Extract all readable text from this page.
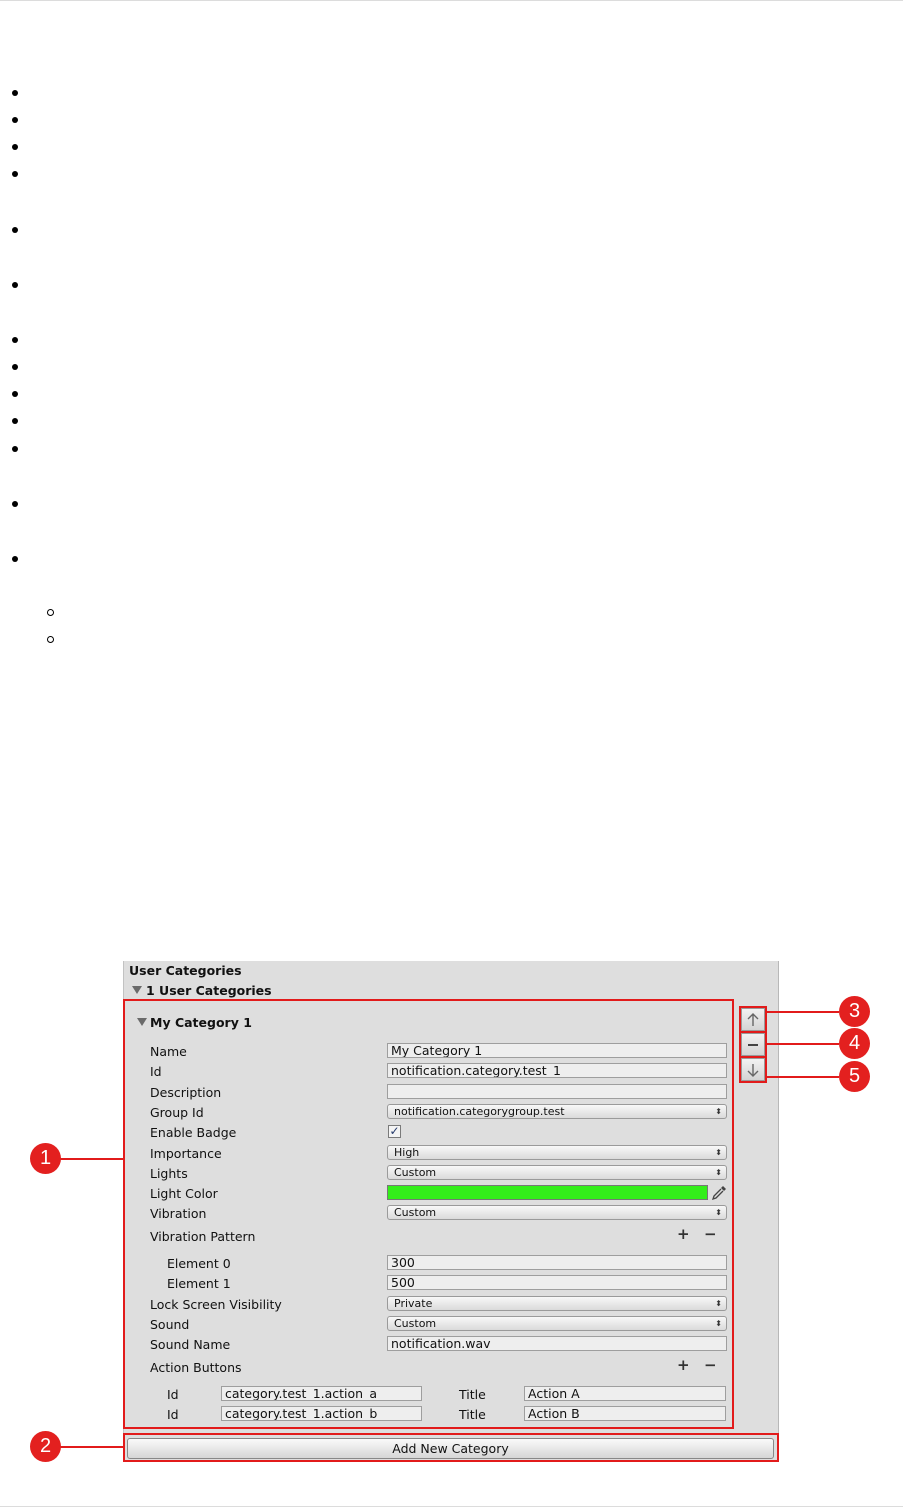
User Categories
1 User Categories
My Category 1
Name	My Category 1
Id	notification.category.test_1
Description
Group Id	notification.categorygroup.test	⬍
Enable Badge	✓
Importance	High	⬍
Lights	Custom	⬍
Light Color
Vibration	Custom	⬍
Vibration Pattern	+ −
Element 0	300
Element 1	500
Lock Screen Visibility	Private	⬍
Sound	Custom	⬍
Sound Name	notification.wav
Action Buttons	+ −
Id	category.test_1.action_a	Title	Action A
Id	category.test_1.action_b	Title	Action B
Add New Category
1
2
3
4
5
